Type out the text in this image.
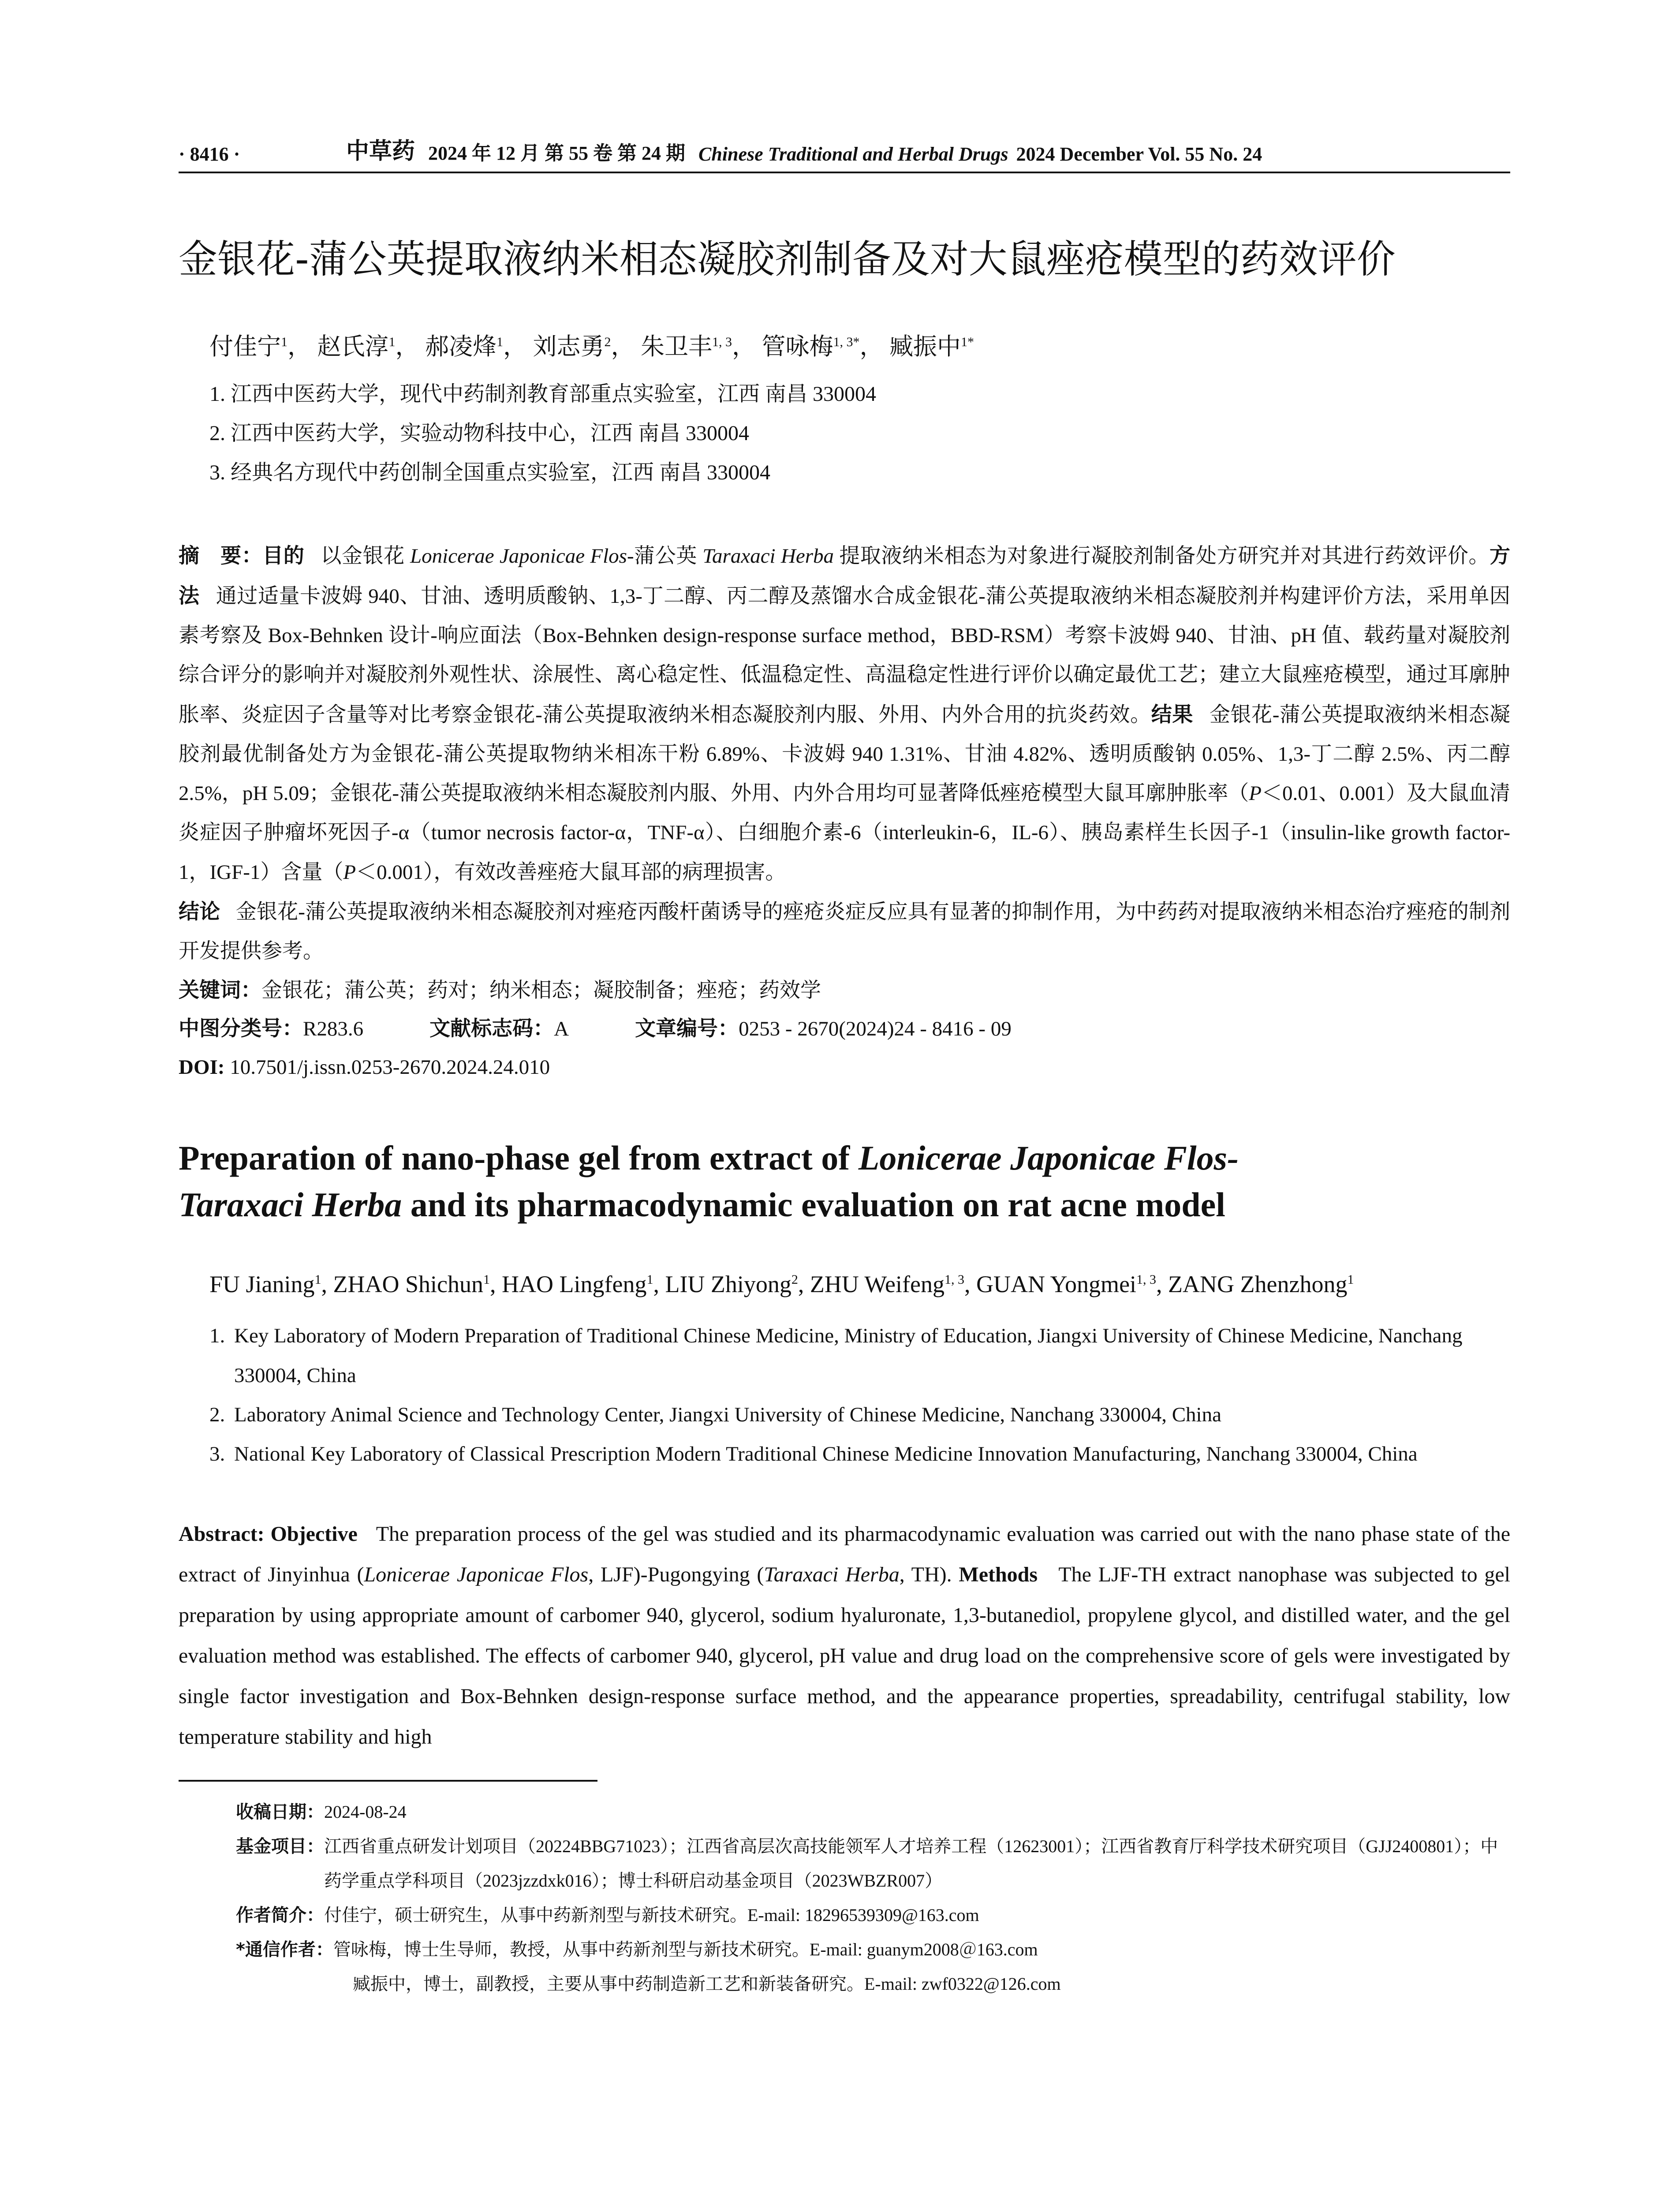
· 8416 ·	中草药 2024 年 12 月 第 55 卷 第 24 期 Chinese Traditional and Herbal Drugs 2024 December Vol. 55 No. 24
金银花-蒲公英提取液纳米相态凝胶剂制备及对大鼠痤疮模型的药效评价
付佳宁$^1$， 赵氏淳$^1$， 郝凌烽$^1$， 刘志勇$^2$， 朱卫丰$^{1, 3}$， 管咏梅$^{1, 3*}$， 臧振中$^{1*}$
1. 江西中医药大学，现代中药制剂教育部重点实验室，江西 南昌 330004
2. 江西中医药大学，实验动物科技中心，江西 南昌 330004
3. 经典名方现代中药创制全国重点实验室，江西 南昌 330004
摘　要：目的 以金银花 Lonicerae Japonicae Flos-蒲公英 Taraxaci Herba 提取液纳米相态为对象进行凝胶剂制备处方研究并对其进行药效评价。方法 通过适量卡波姆 940、甘油、透明质酸钠、1,3-丁二醇、丙二醇及蒸馏水合成金银花-蒲公英提取液纳米相态凝胶剂并构建评价方法，采用单因素考察及 Box-Behnken 设计-响应面法（Box-Behnken design-response surface method，BBD-RSM）考察卡波姆 940、甘油、pH 值、载药量对凝胶剂综合评分的影响并对凝胶剂外观性状、涂展性、离心稳定性、低温稳定性、高温稳定性进行评价以确定最优工艺；建立大鼠痤疮模型，通过耳廓肿胀率、炎症因子含量等对比考察金银花-蒲公英提取液纳米相态凝胶剂内服、外用、内外合用的抗炎药效。结果 金银花-蒲公英提取液纳米相态凝胶剂最优制备处方为金银花-蒲公英提取物纳米相冻干粉 6.89%、卡波姆 940 1.31%、甘油 4.82%、透明质酸钠 0.05%、1,3-丁二醇 2.5%、丙二醇 2.5%，pH 5.09；金银花-蒲公英提取液纳米相态凝胶剂内服、外用、内外合用均可显著降低痤疮模型大鼠耳廓肿胀率（P＜0.01、0.001）及大鼠血清炎症因子肿瘤坏死因子-α（tumor necrosis factor-α，TNF-α）、白细胞介素-6（interleukin-6，IL-6）、胰岛素样生长因子-1（insulin-like growth factor-1，IGF-1）含量（P＜0.001），有效改善痤疮大鼠耳部的病理损害。
结论 金银花-蒲公英提取液纳米相态凝胶剂对痤疮丙酸杆菌诱导的痤疮炎症反应具有显著的抑制作用，为中药药对提取液纳米相态治疗痤疮的制剂开发提供参考。
关键词：金银花；蒲公英；药对；纳米相态；凝胶制备；痤疮；药效学
中图分类号：R283.6	文献标志码：A	文章编号：0253 - 2670(2024)24 - 8416 - 09
DOI: 10.7501/j.issn.0253-2670.2024.24.010
Preparation of nano-phase gel from extract of Lonicerae Japonicae Flos-
Taraxaci Herba and its pharmacodynamic evaluation on rat acne model
FU Jianing$^1$, ZHAO Shichun$^1$, HAO Lingfeng$^1$, LIU Zhiyong$^2$, ZHU Weifeng$^{1, 3}$, GUAN Yongmei$^{1, 3}$, ZANG Zhenzhong$^1$
1. Key Laboratory of Modern Preparation of Traditional Chinese Medicine, Ministry of Education, Jiangxi University of Chinese Medicine, Nanchang 330004, China
2. Laboratory Animal Science and Technology Center, Jiangxi University of Chinese Medicine, Nanchang 330004, China
3. National Key Laboratory of Classical Prescription Modern Traditional Chinese Medicine Innovation Manufacturing, Nanchang 330004, China
Abstract: Objective The preparation process of the gel was studied and its pharmacodynamic evaluation was carried out with the nano phase state of the extract of Jinyinhua (Lonicerae Japonicae Flos, LJF)-Pugongying (Taraxaci Herba, TH). Methods The LJF-TH extract nanophase was subjected to gel preparation by using appropriate amount of carbomer 940, glycerol, sodium hyaluronate, 1,3-butanediol, propylene glycol, and distilled water, and the gel evaluation method was established. The effects of carbomer 940, glycerol, pH value and drug load on the comprehensive score of gels were investigated by single factor investigation and Box-Behnken design-response surface method, and the appearance properties, spreadability, centrifugal stability, low temperature stability and high
收稿日期： 2024-08-24
基金项目： 江西省重点研发计划项目（20224BBG71023）；江西省高层次高技能领军人才培养工程（12623001）；江西省教育厅科学技术研究项目（GJJ2400801）；中药学重点学科项目（2023jzzdxk016）；博士科研启动基金项目（2023WBZR007）
作者简介： 付佳宁，硕士研究生，从事中药新剂型与新技术研究。E-mail: 18296539309@163.com
*通信作者： 管咏梅，博士生导师，教授，从事中药新剂型与新技术研究。E-mail: guanym2008＠163.com
臧振中，博士，副教授，主要从事中药制造新工艺和新装备研究。E-mail: zwf0322@126.com
